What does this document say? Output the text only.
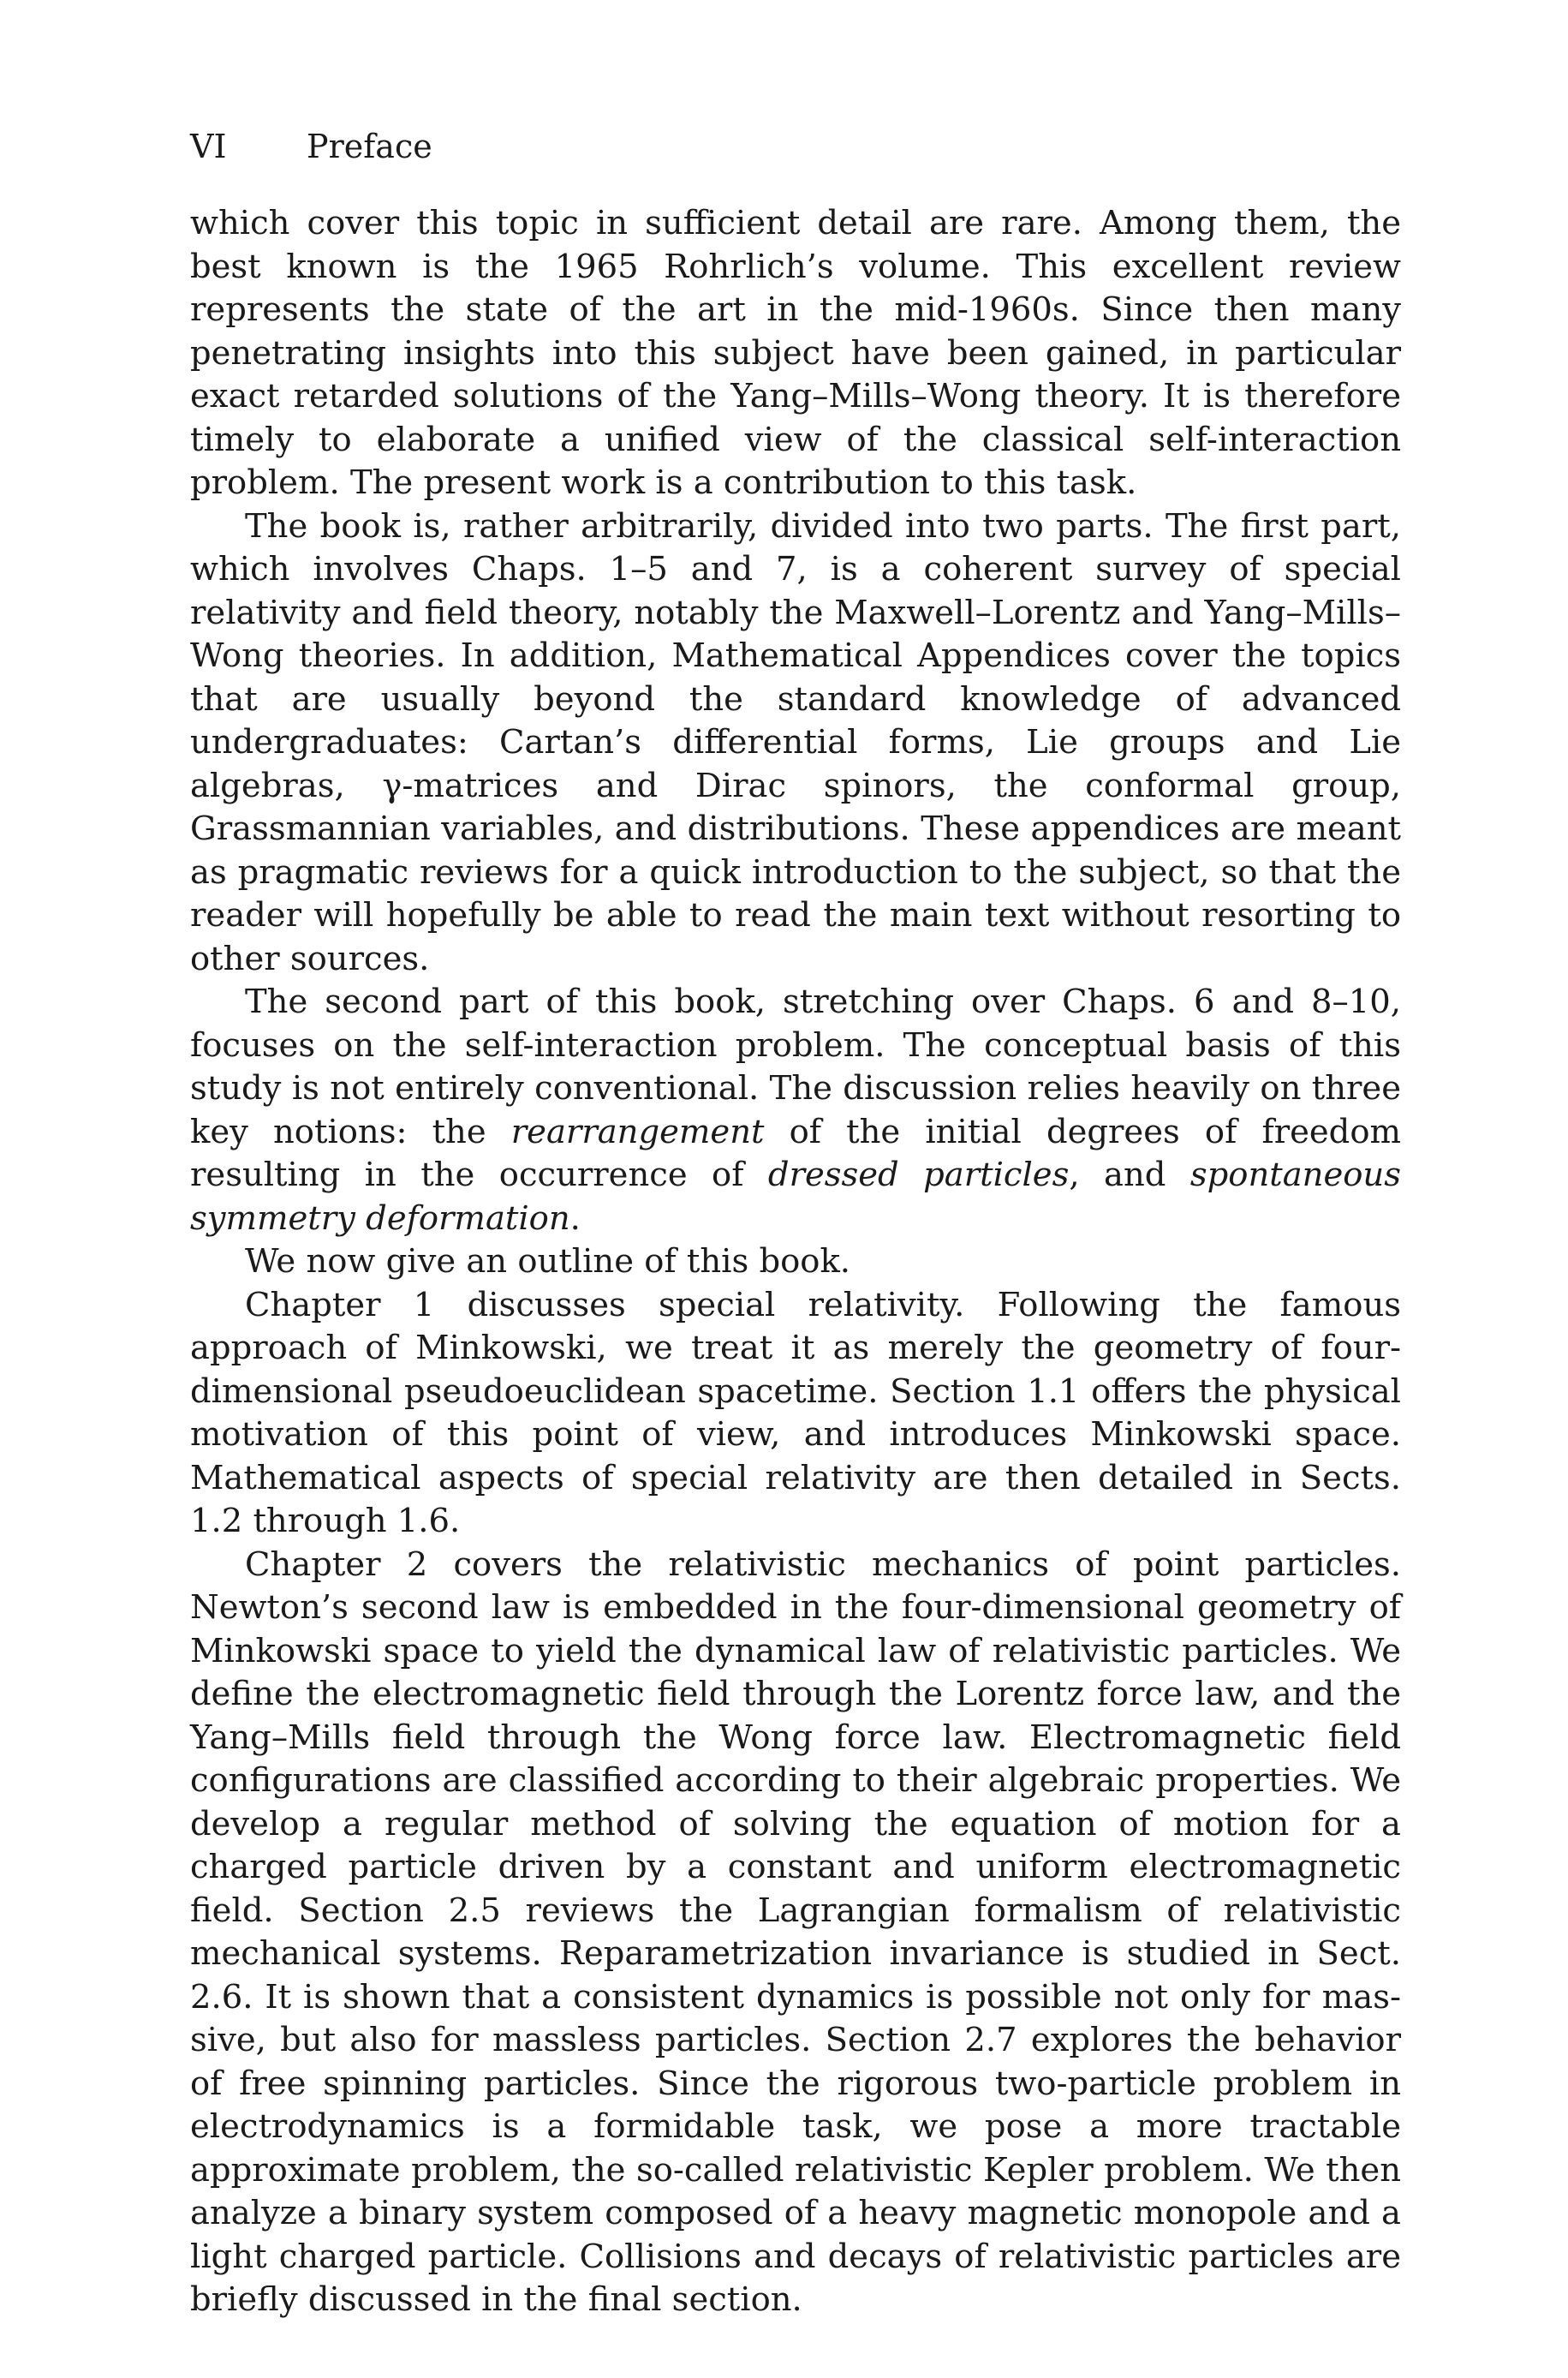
VI	Preface

which cover this topic in sufficient detail are rare. Among them, the best known is the 1965 Rohrlich’s volume. This excellent review represents the state of the art in the mid-1960s. Since then many penetrating insights into this subject have been gained, in particular exact retarded solutions of the Yang–Mills–Wong theory. It is therefore timely to elaborate a unified view of the classical self-interaction problem. The present work is a contribution to this task.

The book is, rather arbitrarily, divided into two parts. The first part, which involves Chaps. 1–5 and 7, is a coherent survey of special relativity and field theory, notably the Maxwell–Lorentz and Yang–Mills–Wong theories. In addition, Mathematical Appendices cover the topics that are usually beyond the standard knowledge of advanced undergraduates: Cartan’s differential forms, Lie groups and Lie algebras, γ-matrices and Dirac spinors, the conformal group, Grassmannian variables, and distributions. These appendices are meant as pragmatic reviews for a quick introduction to the subject, so that the reader will hopefully be able to read the main text without resorting to other sources.

The second part of this book, stretching over Chaps. 6 and 8–10, focuses on the self-interaction problem. The conceptual basis of this study is not entirely conventional. The discussion relies heavily on three key notions: the rearrangement of the initial degrees of freedom resulting in the occurrence of dressed particles, and spontaneous symmetry deformation.

We now give an outline of this book.

Chapter 1 discusses special relativity. Following the famous approach of Minkowski, we treat it as merely the geometry of four-dimensional pseudoeuclidean spacetime. Section 1.1 offers the physical motivation of this point of view, and introduces Minkowski space. Mathematical aspects of special relativity are then detailed in Sects. 1.2 through 1.6.

Chapter 2 covers the relativistic mechanics of point particles. Newton’s second law is embedded in the four-dimensional geometry of Minkowski space to yield the dynamical law of relativistic particles. We define the electromagnetic field through the Lorentz force law, and the Yang–Mills field through the Wong force law. Electromagnetic field configurations are classified according to their algebraic properties. We develop a regular method of solving the equation of motion for a charged particle driven by a constant and uniform electromagnetic field. Section 2.5 reviews the Lagrangian formalism of relativistic mechanical systems. Reparametrization invariance is studied in Sect. 2.6. It is shown that a consistent dynamics is possible not only for massive, but also for massless particles. Section 2.7 explores the behavior of free spinning particles. Since the rigorous two-particle problem in electrodynamics is a formidable task, we pose a more tractable approximate problem, the so-called relativistic Kepler problem. We then analyze a binary system composed of a heavy magnetic monopole and a light charged particle. Collisions and decays of relativistic particles are briefly discussed in the final section.
